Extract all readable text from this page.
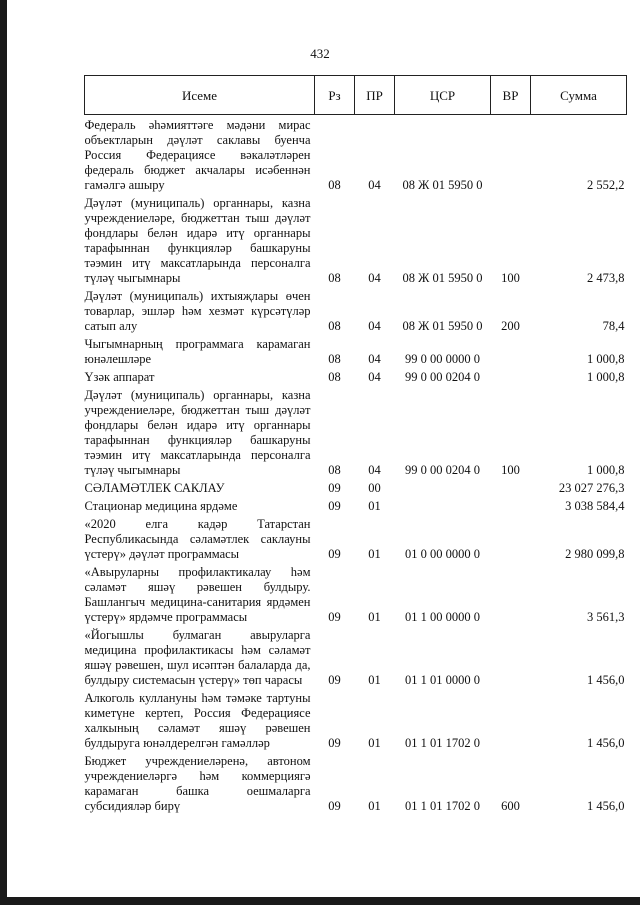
432
Исеме	Рз	ПР	ЦСР	ВР	Сумма
Федераль әһәмияттәге мәдәни мирас объектларын дәүләт саклавы буенча Россия Федерациясе вәкаләтләрен федераль бюджет акчалары исәбеннән гамәлгә ашыру	08	04	08 Ж 01 5950 0		2 552,2
Дәүләт (муниципаль) органнары, казна учреждениеләре, бюджеттан тыш дәүләт фондлары белән идарә итү органнары тарафыннан функцияләр башкаруны тәэмин итү максатларында персоналга түләү чыгымнары	08	04	08 Ж 01 5950 0	100	2 473,8
Дәүләт (муниципаль) ихтыяҗлары өчен товарлар, эшләр һәм хезмәт күрсәтүләр сатып алу	08	04	08 Ж 01 5950 0	200	78,4
Чыгымнарның программага карамаган юнәлешләре	08	04	99 0 00 0000 0		1 000,8
Үзәк аппарат	08	04	99 0 00 0204 0		1 000,8
Дәүләт (муниципаль) органнары, казна учреждениеләре, бюджеттан тыш дәүләт фондлары белән идарә итү органнары тарафыннан функцияләр башкаруны тәэмин итү максатларында персоналга түләү чыгымнары	08	04	99 0 00 0204 0	100	1 000,8
СӘЛАМӘТЛЕК САКЛАУ	09	00			23 027 276,3
Стационар медицина ярдәме	09	01			3 038 584,4
«2020 елга кадәр Татарстан Республикасында сәламәтлек саклауны үстерү» дәүләт программасы	09	01	01 0 00 0000 0		2 980 099,8
«Авыруларны профилактикалау һәм сәламәт яшәү рәвешен булдыру. Башлангыч медицина-санитария ярдәмен үстерү» ярдәмче программасы	09	01	01 1 00 0000 0		3 561,3
«Йогышлы булмаган авыруларга медицина профилактикасы һәм сәламәт яшәү рәвешен, шул исәптән балаларда да, булдыру системасын үстерү» төп чарасы	09	01	01 1 01 0000 0		1 456,0
Алкоголь куллануны һәм тәмәке тартуны киметүне кертеп, Россия Федерациясе халкының сәламәт яшәү рәвешен булдыруга юнәлдерелгән гамәлләр	09	01	01 1 01 1702 0		1 456,0
Бюджет учреждениеләренә, автоном учреждениеләргә һәм коммерциягә карамаган башка оешмаларга субсидияләр бирү	09	01	01 1 01 1702 0	600	1 456,0
